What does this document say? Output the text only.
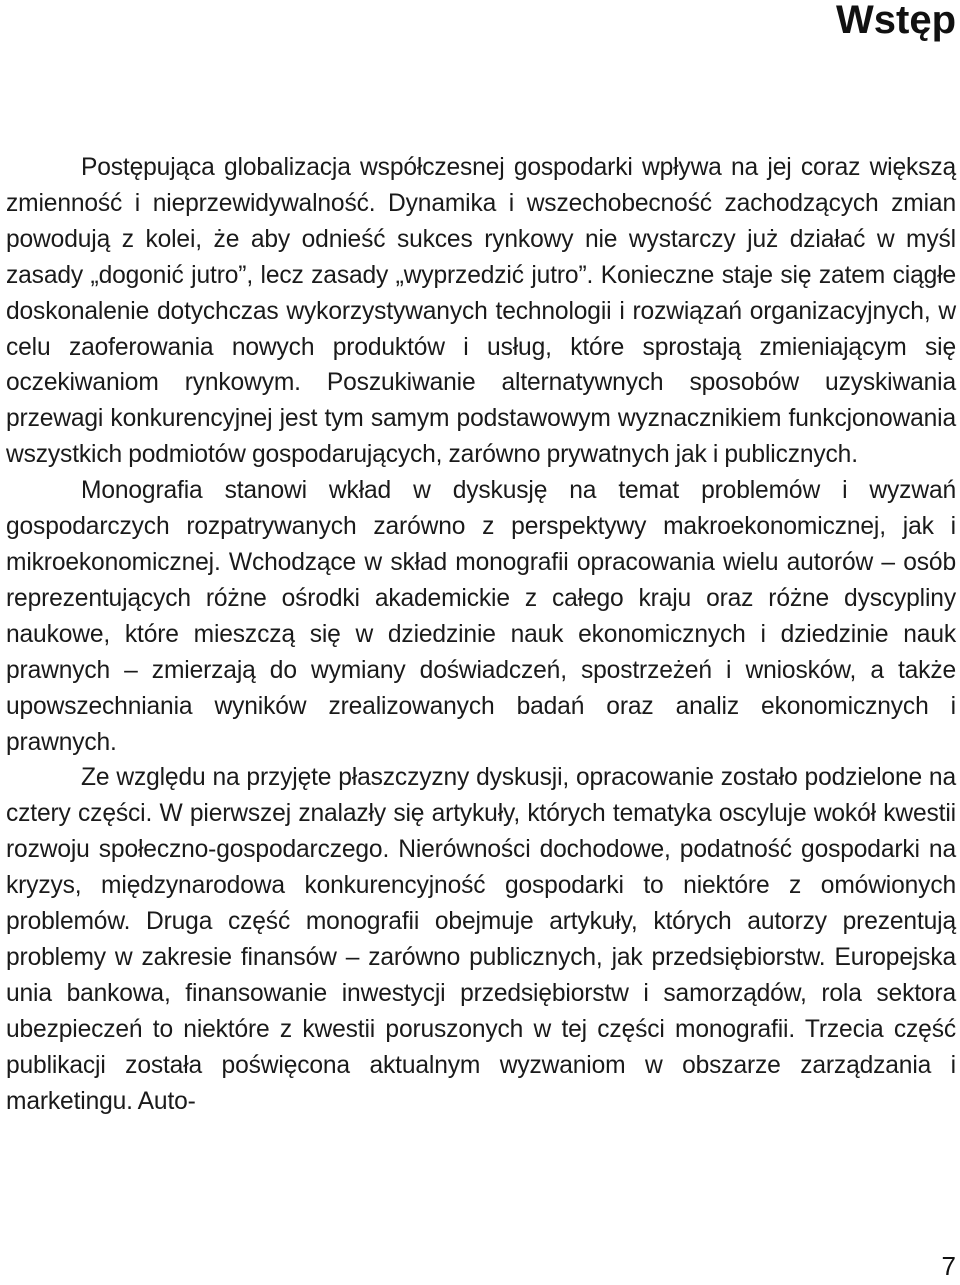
Wstęp

Postępująca globalizacja współczesnej gospodarki wpływa na jej coraz większą zmienność i nieprzewidywalność. Dynamika i wszechobecność zachodzących zmian powodują z kolei, że aby odnieść sukces rynkowy nie wystarczy już działać w myśl zasady „dogonić jutro”, lecz zasady „wyprzedzić jutro”. Konieczne staje się zatem ciągłe doskonalenie dotychczas wykorzystywanych technologii i rozwiązań organizacyjnych, w celu zaoferowania nowych produktów i usług, które sprostają zmieniającym się oczekiwaniom rynkowym. Poszukiwanie alternatywnych sposobów uzyskiwania przewagi konkurencyjnej jest tym samym podstawowym wyznacznikiem funkcjonowania wszystkich podmiotów gospodarujących, zarówno prywatnych jak i publicznych.

Monografia stanowi wkład w dyskusję na temat problemów i wyzwań gospodarczych rozpatrywanych zarówno z perspektywy makroekonomicznej, jak i mikroekonomicznej. Wchodzące w skład monografii opracowania wielu autorów – osób reprezentujących różne ośrodki akademickie z całego kraju oraz różne dyscypliny naukowe, które mieszczą się w dziedzinie nauk ekonomicznych i dziedzinie nauk prawnych – zmierzają do wymiany doświadczeń, spostrzeżeń i wniosków, a także upowszechniania wyników zrealizowanych badań oraz analiz ekonomicznych i prawnych.

Ze względu na przyjęte płaszczyzny dyskusji, opracowanie zostało podzielone na cztery części. W pierwszej znalazły się artykuły, których tematyka oscyluje wokół kwestii rozwoju społeczno-gospodarczego. Nierówności dochodowe, podatność gospodarki na kryzys, międzynarodowa konkurencyjność gospodarki to niektóre z omówionych problemów. Druga część monografii obejmuje artykuły, których autorzy prezentują problemy w zakresie finansów – zarówno publicznych, jak przedsiębiorstw. Europejska unia bankowa, finansowanie inwestycji przedsiębiorstw i samorządów, rola sektora ubezpieczeń to niektóre z kwestii poruszonych w tej części monografii. Trzecia część publikacji została poświęcona aktualnym wyzwaniom w obszarze zarządzania i marketingu. Auto-

7
